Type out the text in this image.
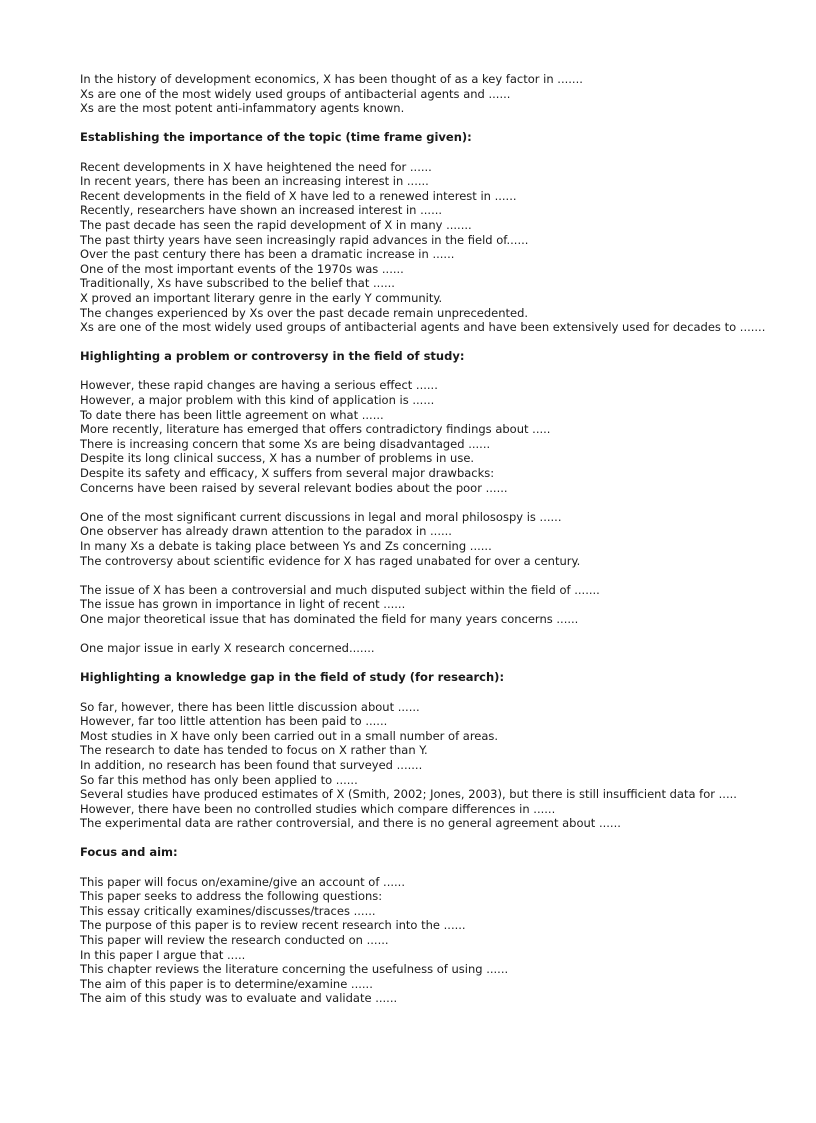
In the history of development economics, X has been thought of as a key factor in .......

Xs are one of the most widely used groups of antibacterial agents and ......

Xs are the most potent anti-infammatory agents known.

Establishing the importance of the topic (time frame given):

Recent developments in X have heightened the need for ......

In recent years, there has been an increasing interest in ......

Recent developments in the field of X have led to a renewed interest in ......

Recently, researchers have shown an increased interest in ......

The past decade has seen the rapid development of X in many .......

The past thirty years have seen increasingly rapid advances in the field of......

Over the past century there has been a dramatic increase in ......

One of the most important events of the 1970s was ......

Traditionally, Xs have subscribed to the belief that ......

X proved an important literary genre in the early Y community.

The changes experienced by Xs over the past decade remain unprecedented.

Xs are one of the most widely used groups of antibacterial agents and have been extensively used for decades to .......

Highlighting a problem or controversy in the field of study:

However, these rapid changes are having a serious effect ......

However, a major problem with this kind of application is ......

To date there has been little agreement on what ......

More recently, literature has emerged that offers contradictory findings about .....

There is increasing concern that some Xs are being disadvantaged ......

Despite its long clinical success, X has a number of problems in use.

Despite its safety and efficacy, X suffers from several major drawbacks:

Concerns have been raised by several relevant bodies about the poor ......

One of the most significant current discussions in legal and moral philosospy is ......

One observer has already drawn attention to the paradox in ......

In many Xs a debate is taking place between Ys and Zs concerning ......

The controversy about scientific evidence for X has raged unabated for over a century.

The issue of X has been a controversial and much disputed subject within the field of .......

The issue has grown in importance in light of recent ......

One major theoretical issue that has dominated the field for many years concerns ......

One major issue in early X research concerned.......

Highlighting a knowledge gap in the field of study (for research):

So far, however, there has been little discussion about ......

However, far too little attention has been paid to ......

Most studies in X have only been carried out in a small number of areas.

The research to date has tended to focus on X rather than Y.

In addition, no research has been found that surveyed .......

So far this method has only been applied to ......

Several studies have produced estimates of X (Smith, 2002; Jones, 2003), but there is still insufficient data for .....

However, there have been no controlled studies which compare differences in ......

The experimental data are rather controversial, and there is no general agreement about ......

Focus and aim:

This paper will focus on/examine/give an account of ......

This paper seeks to address the following questions:

This essay critically examines/discusses/traces ......

The purpose of this paper is to review recent research into the ......

This paper will review the research conducted on ......

In this paper I argue that .....

This chapter reviews the literature concerning the usefulness of using ......

The aim of this paper is to determine/examine ......

The aim of this study was to evaluate and validate ......
